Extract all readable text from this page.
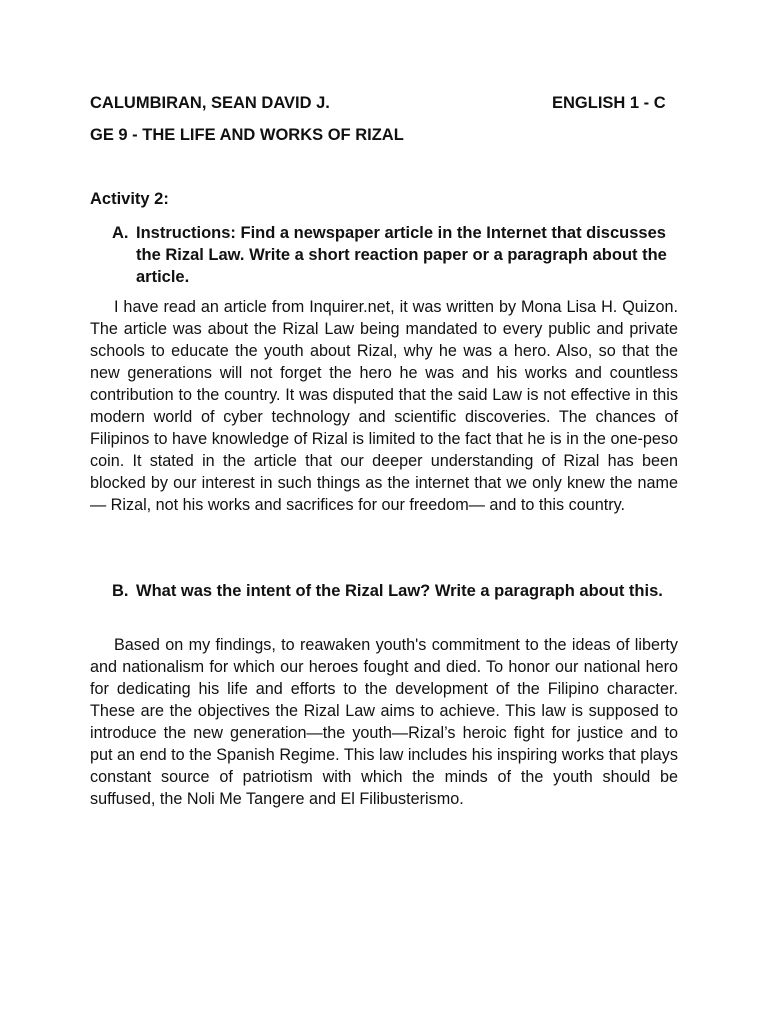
CALUMBIRAN, SEAN DAVID J.	ENGLISH 1 - C
GE 9 - THE LIFE AND WORKS OF RIZAL
Activity 2:
A. Instructions: Find a newspaper article in the Internet that discusses the Rizal Law. Write a short reaction paper or a paragraph about the article.

I have read an article from Inquirer.net, it was written by Mona Lisa H. Quizon. The article was about the Rizal Law being mandated to every public and private schools to educate the youth about Rizal, why he was a hero. Also, so that the new generations will not forget the hero he was and his works and countless contribution to the country. It was disputed that the said Law is not effective in this modern world of cyber technology and scientific discoveries. The chances of Filipinos to have knowledge of Rizal is limited to the fact that he is in the one-peso coin. It stated in the article that our deeper understanding of Rizal has been blocked by our interest in such things as the internet that we only knew the name — Rizal, not his works and sacrifices for our freedom— and to this country.

B. What was the intent of the Rizal Law? Write a paragraph about this.

Based on my findings, to reawaken youth's commitment to the ideas of liberty and nationalism for which our heroes fought and died. To honor our national hero for dedicating his life and efforts to the development of the Filipino character. These are the objectives the Rizal Law aims to achieve. This law is supposed to introduce the new generation—the youth—Rizal’s heroic fight for justice and to put an end to the Spanish Regime. This law includes his inspiring works that plays constant source of patriotism with which the minds of the youth should be suffused, the Noli Me Tangere and El Filibusterismo.
